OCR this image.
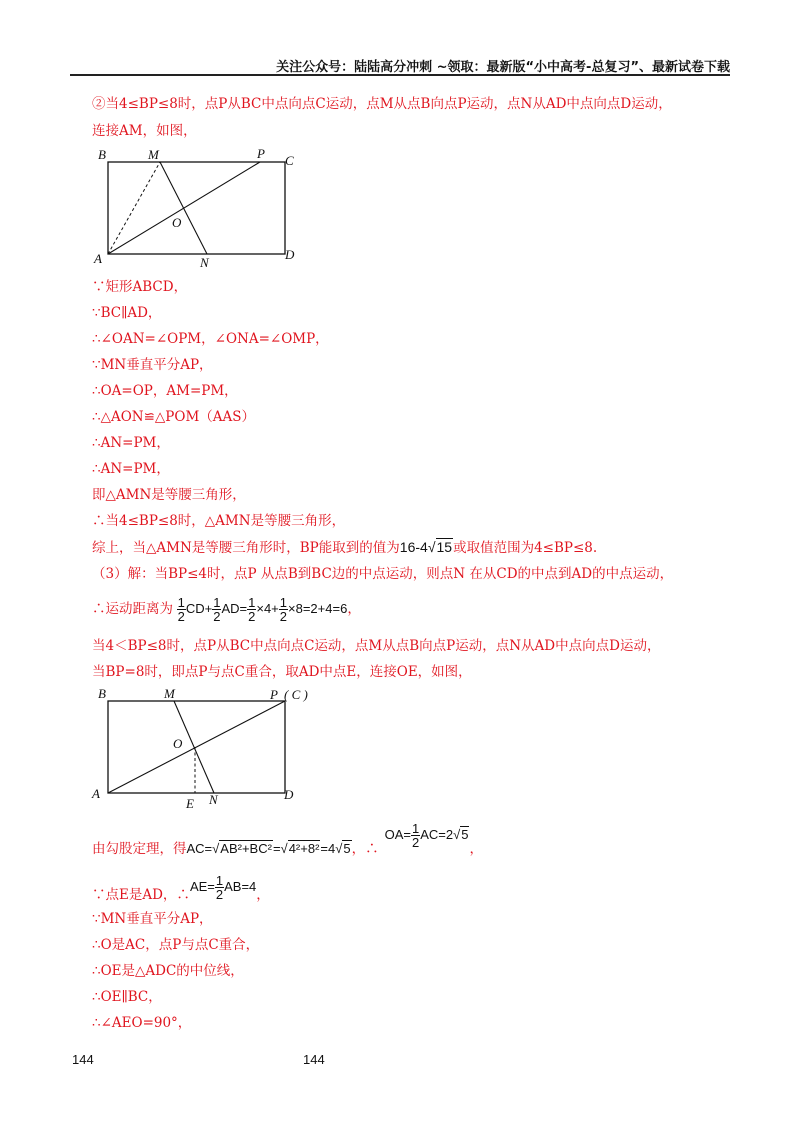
关注公众号：陆陆高分冲刺 ~领取：最新版“小中高考-总复习”、最新试卷下载
②当4≤BP≤8时，点P从BC中点向点C运动，点M从点B向点P运动，点N从AD中点向点D运动，
连接AM，如图，
B	M	P C
O
A	N
D
∵矩形ABCD，
∵BC∥AD，
∴∠OAN=∠OPM，∠ONA=∠OMP，
∵MN垂直平分AP，
∴OA=OP，AM=PM，
∴△AON≌△POM（AAS）
∴AN=PM，
∴AN=PM，
即△AMN是等腰三角形，
∴当4≤BP≤8时，△AMN是等腰三角形，
综上，当△AMN是等腰三角形时，BP能取到的值为16-4√15或取值范围为4≤BP≤8.
（3）解：当BP≤4时，点P 从点B到BC边的中点运动，则点N 在从CD的中点到AD的中点运动，
∴运动距离为 $\frac{1}{2} CD+ \frac{1}{2} AD= \frac{1}{2} \times 4+ \frac{1}{2} \times 8=2+4=6$，
当4＜BP≤8时，点P从BC中点向点C运动，点M从点B向点P运动，点N从AD中点向点D运动，
当BP=8时，即点P与点C重合，取AD中点E，连接OE，如图，
B	M	P ( C )
O
A
E N	D
由勾股定理，得AC=√AB²+BC²=√4²+8²=4√5，∴OA= $\frac{1}{2} AC=2√5$，
∵点E是AD，∴AE= $\frac{1}{2} AB=4$，
∵MN垂直平分AP，
∴O是AC，点P与点C重合，
∴OE是△ADC的中位线，
∴OE∥BC，
∴∠AEO=90°，
144	144
